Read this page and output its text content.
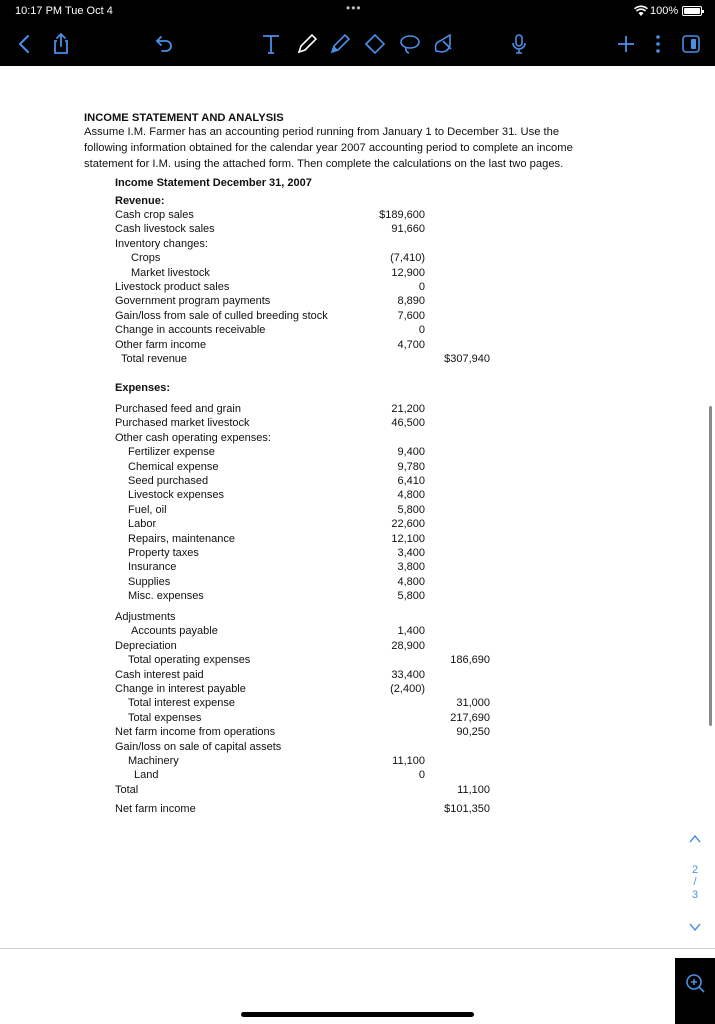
10:17 PM Tue Oct 4	•••	100%
INCOME STATEMENT AND ANALYSIS
Assume I.M. Farmer has an accounting period running from January 1 to December 31. Use the
following information obtained for the calendar year 2007 accounting period to complete an income
statement for I.M. using the attached form. Then complete the calculations on the last two pages.
Income Statement December 31, 2007
Revenue:
Expenses:
Cash crop sales	$189,600
Cash livestock sales	91,660
Inventory changes:
Crops	(7,410)
Market livestock	12,900
Livestock product sales	0
Government program payments	8,890
Gain/loss from sale of culled breeding stock	7,600
Change in accounts receivable	0
Other farm income	4,700
Total revenue	$307,940
Purchased feed and grain	21,200
Purchased market livestock	46,500
Other cash operating expenses:
Fertilizer expense	9,400
Chemical expense	9,780
Seed purchased	6,410
Livestock expenses	4,800
Fuel, oil	5,800
Labor	22,600
Repairs, maintenance	12,100
Property taxes	3,400
Insurance	3,800
Supplies	4,800
Misc. expenses	5,800
Adjustments
Accounts payable	1,400
Depreciation	28,900
Total operating expenses	186,690
Cash interest paid	33,400
Change in interest payable	(2,400)
Total interest expense	31,000
Total expenses	217,690
Net farm income from operations	90,250
Gain/loss on sale of capital assets
Machinery	11,100
Land	0
Total	11,100
Net farm income	$101,350
2
/
3
